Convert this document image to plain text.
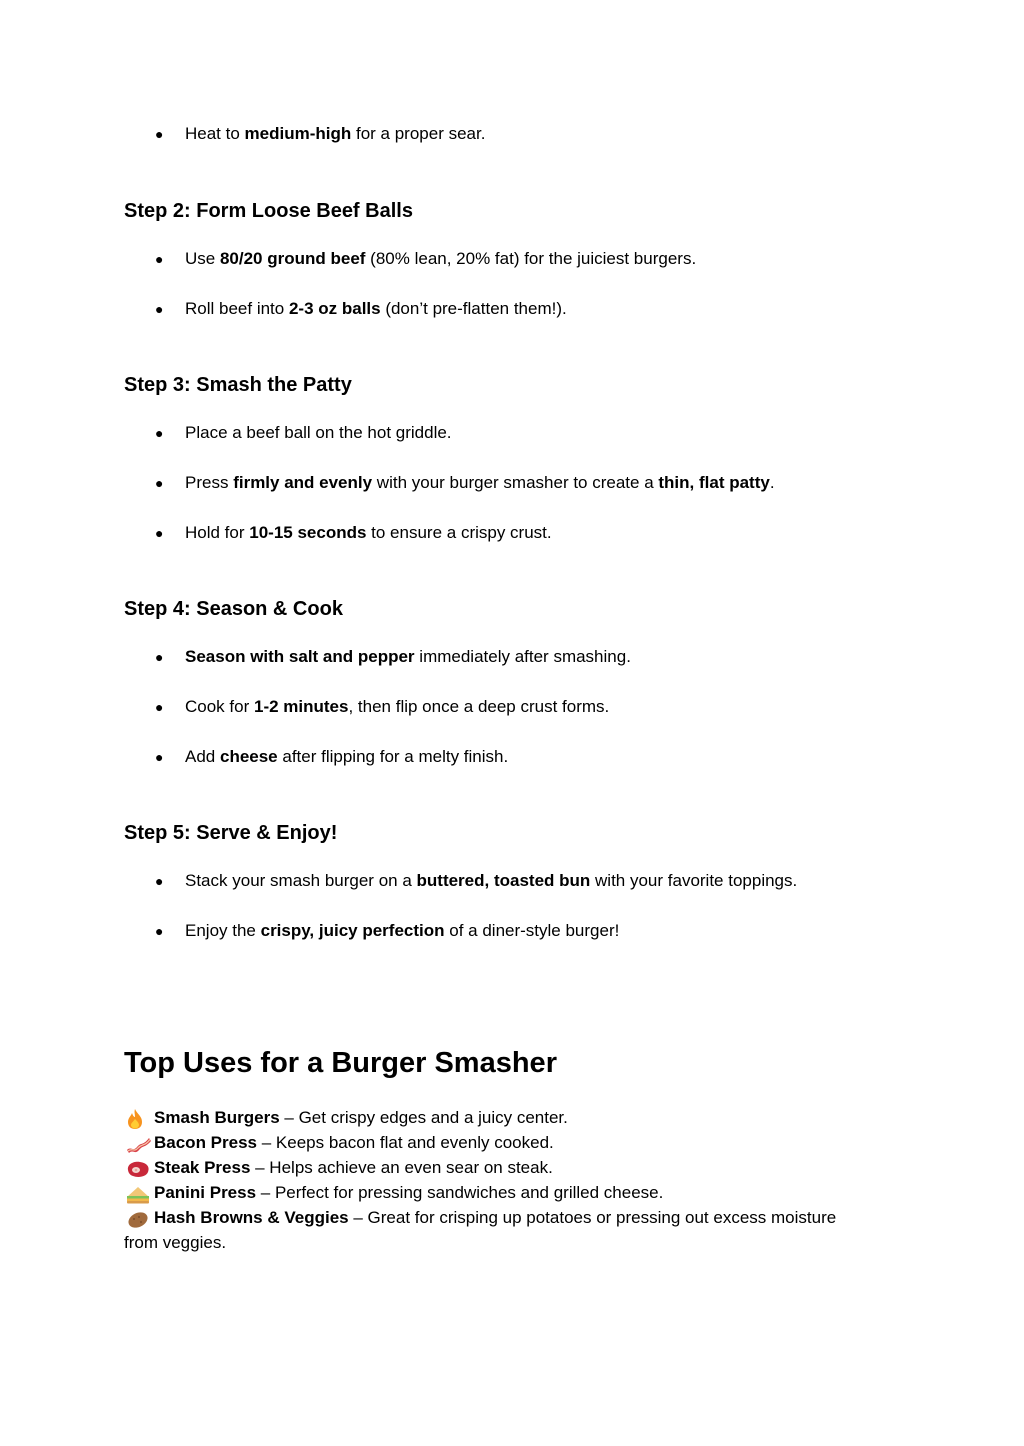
● Heat to medium-high for a proper sear.

Step 2: Form Loose Beef Balls

● Use 80/20 ground beef (80% lean, 20% fat) for the juiciest burgers.

● Roll beef into 2-3 oz balls (don’t pre-flatten them!).

Step 3: Smash the Patty

● Place a beef ball on the hot griddle.

● Press firmly and evenly with your burger smasher to create a thin, flat patty.

● Hold for 10-15 seconds to ensure a crispy crust.

Step 4: Season & Cook

● Season with salt and pepper immediately after smashing.

● Cook for 1-2 minutes, then flip once a deep crust forms.

● Add cheese after flipping for a melty finish.

Step 5: Serve & Enjoy!

● Stack your smash burger on a buttered, toasted bun with your favorite toppings.

● Enjoy the crispy, juicy perfection of a diner-style burger!

Top Uses for a Burger Smasher

Smash Burgers – Get crispy edges and a juicy center.

Bacon Press – Keeps bacon flat and evenly cooked.

Steak Press – Helps achieve an even sear on steak.

Panini Press – Perfect for pressing sandwiches and grilled cheese.

Hash Browns & Veggies – Great for crisping up potatoes or pressing out excess moisture from veggies.
